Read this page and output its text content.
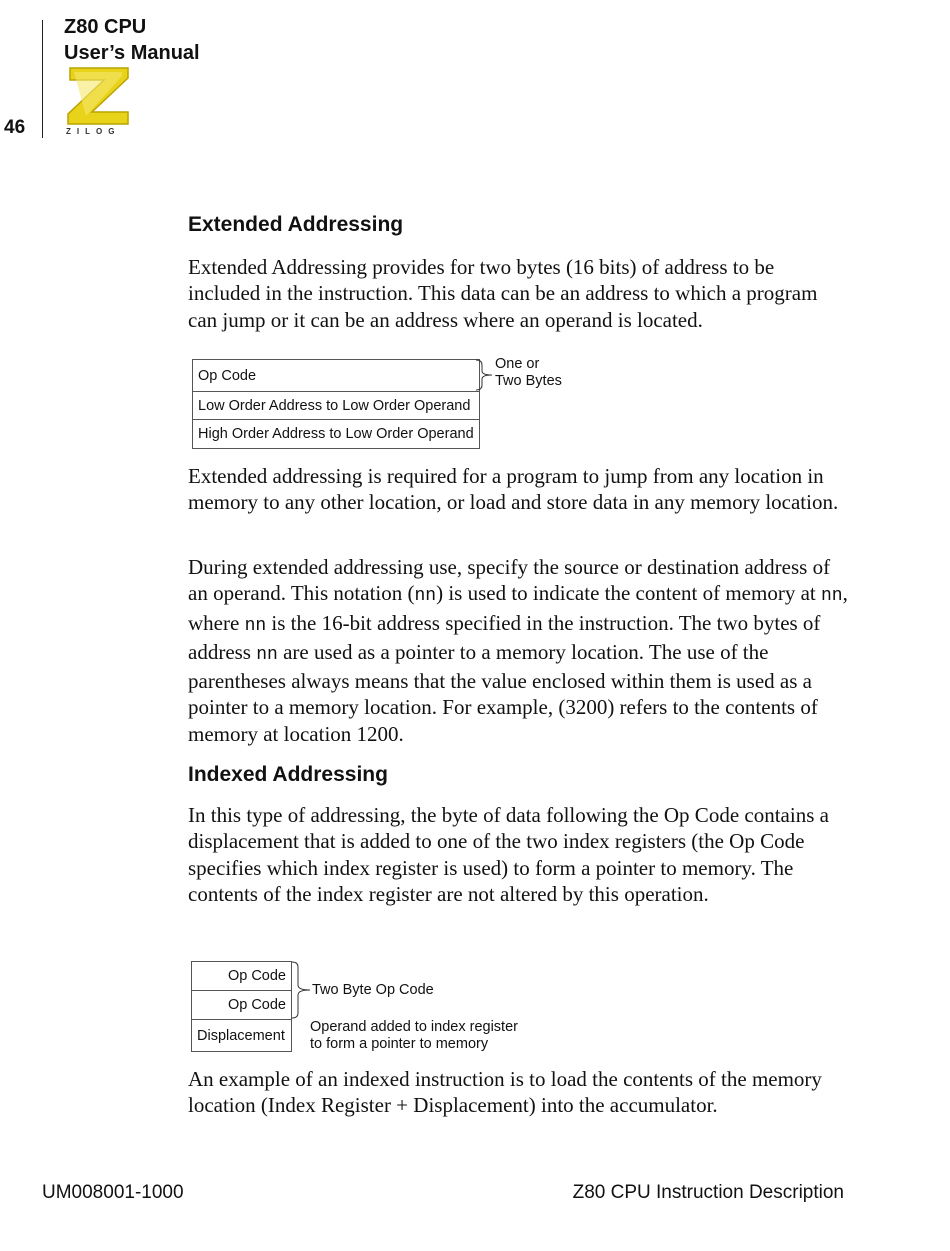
Z80 CPU
User’s Manual
46	ZILOG
Extended Addressing

Extended Addressing provides for two bytes (16 bits) of address to be included in the instruction. This data can be an address to which a program can jump or it can be an address where an operand is located.

Op Code
Low Order Address to Low Order Operand
High Order Address to Low Order Operand
One or
Two Bytes

Extended addressing is required for a program to jump from any location in memory to any other location, or load and store data in any memory location.

During extended addressing use, specify the source or destination address of an operand. This notation (nn) is used to indicate the content of memory at nn, where nn is the 16-bit address specified in the instruction. The two bytes of address nn are used as a pointer to a memory location. The use of the parentheses always means that the value enclosed within them is used as a pointer to a memory location. For example, (3200) refers to the contents of memory at location 1200.

Indexed Addressing

In this type of addressing, the byte of data following the Op Code contains a displacement that is added to one of the two index registers (the Op Code specifies which index register is used) to form a pointer to memory. The contents of the index register are not altered by this operation.

Op Code
Op Code
Displacement
Two Byte Op Code
Operand added to index register
to form a pointer to memory

An example of an indexed instruction is to load the contents of the memory location (Index Register + Displacement) into the accumulator.

UM008001-1000	Z80 CPU Instruction Description
